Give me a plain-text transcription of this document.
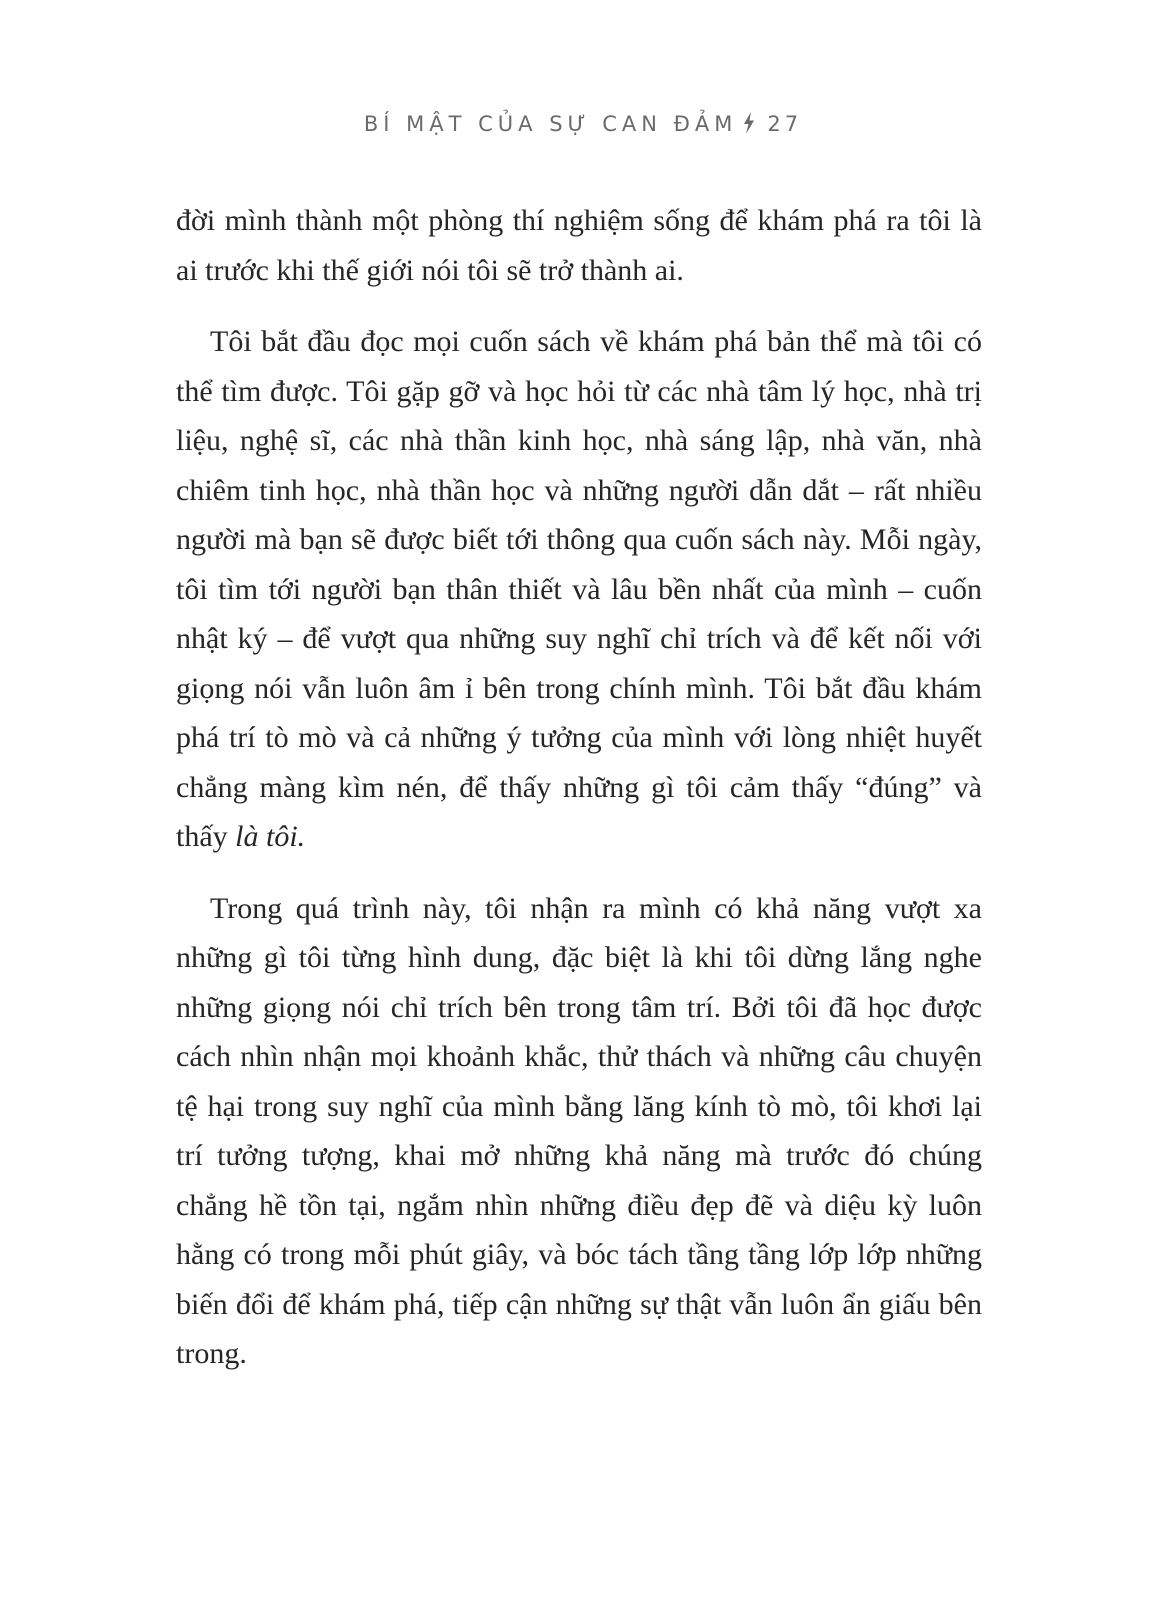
BÍ MẬT CỦA SỰ CAN ĐẢM 27

đời mình thành một phòng thí nghiệm sống để khám phá ra tôi là ai trước khi thế giới nói tôi sẽ trở thành ai.

Tôi bắt đầu đọc mọi cuốn sách về khám phá bản thể mà tôi có thể tìm được. Tôi gặp gỡ và học hỏi từ các nhà tâm lý học, nhà trị liệu, nghệ sĩ, các nhà thần kinh học, nhà sáng lập, nhà văn, nhà chiêm tinh học, nhà thần học và những người dẫn dắt – rất nhiều người mà bạn sẽ được biết tới thông qua cuốn sách này. Mỗi ngày, tôi tìm tới người bạn thân thiết và lâu bền nhất của mình – cuốn nhật ký – để vượt qua những suy nghĩ chỉ trích và để kết nối với giọng nói vẫn luôn âm ỉ bên trong chính mình. Tôi bắt đầu khám phá trí tò mò và cả những ý tưởng của mình với lòng nhiệt huyết chẳng màng kìm nén, để thấy những gì tôi cảm thấy “đúng” và thấy là tôi.

Trong quá trình này, tôi nhận ra mình có khả năng vượt xa những gì tôi từng hình dung, đặc biệt là khi tôi dừng lắng nghe những giọng nói chỉ trích bên trong tâm trí. Bởi tôi đã học được cách nhìn nhận mọi khoảnh khắc, thử thách và những câu chuyện tệ hại trong suy nghĩ của mình bằng lăng kính tò mò, tôi khơi lại trí tưởng tượng, khai mở những khả năng mà trước đó chúng chẳng hề tồn tại, ngắm nhìn những điều đẹp đẽ và diệu kỳ luôn hằng có trong mỗi phút giây, và bóc tách tầng tầng lớp lớp những biến đổi để khám phá, tiếp cận những sự thật vẫn luôn ẩn giấu bên trong.
